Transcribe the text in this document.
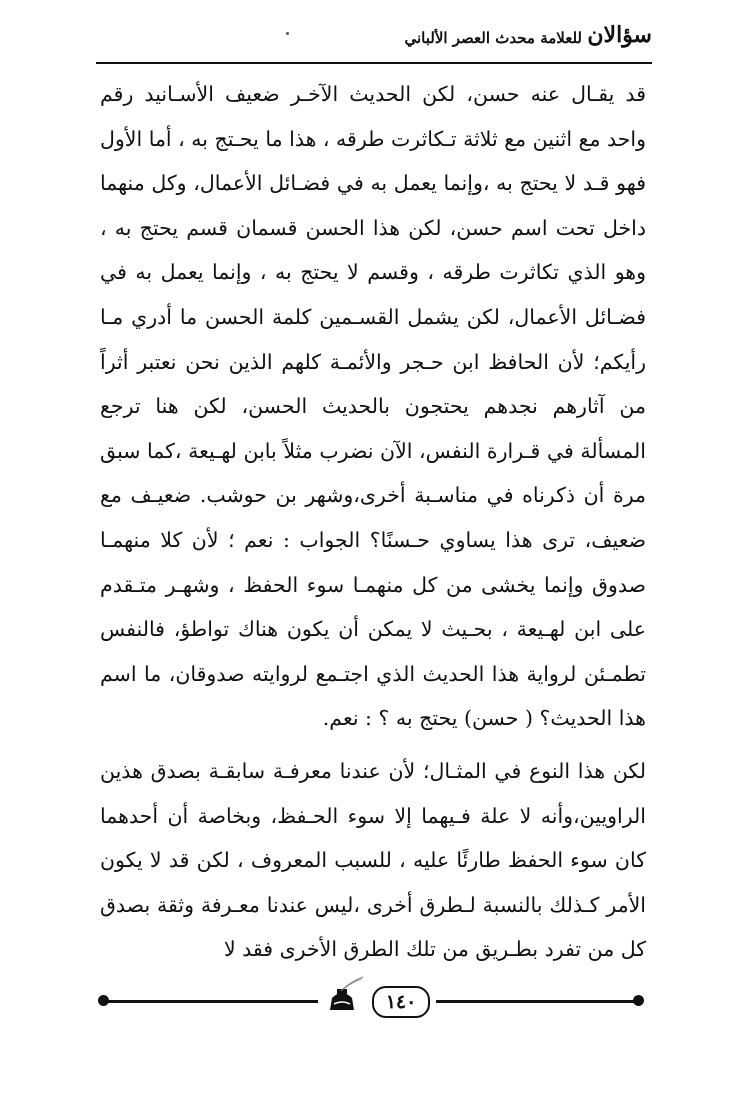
سؤالان
للعلامة محدث العصر الألباني

قد يقـال عنه حسن، لكن الحديث الآخـر ضعيف الأسـانيد رقم واحد مع اثنين مع ثلاثة تـكاثرت طرقه ، هذا ما يحـتج به ، أما الأول فهو قـد لا يحتج به ،وإنما يعمل به في فضـائل الأعمال، وكل منهما داخل تحت اسم حسن، لكن هذا الحسن قسمان قسم يحتج به ، وهو الذي تكاثرت طرقه ، وقسم لا يحتج به ، وإنما يعمل به في فضـائل الأعمال، لكن يشمل القسـمين كلمة الحسن ما أدري مـا رأيكم؛ لأن الحافظ ابن حـجر والأئمـة كلهم الذين نحن نعتبر أثراً من آثارهم نجدهم يحتجون بالحديث الحسن، لكن هنا ترجع المسألة في قـرارة النفس، الآن نضرب مثلاً بابن لهـيعة ،كما سبق مرة أن ذكرناه في مناسـبة أخرى،وشهر بن حوشب. ضعيـف مع ضعيف، ترى هذا يساوي حـسنًا؟ الجواب : نعم ؛ لأن كلا منهمـا صدوق وإنما يخشى من كل منهمـا سوء الحفظ ، وشهـر متـقدم على ابن لهـيعة ، بحـيث لا يمكن أن يكون هناك تواطؤ، فالنفس تطمـئن لرواية هذا الحديث الذي اجتـمع لروايته صدوقان، ما اسم هذا الحديث؟ ( حسن) يحتج به ؟ : نعم.

لكن هذا النوع في المثـال؛ لأن عندنا معرفـة سابقـة بصدق هذين الراويين،وأنه لا علة فـيهما إلا سوء الحـفظ، وبخاصة أن أحدهما كان سوء الحفظ طارئًا عليه ، للسبب المعروف ، لكن قد لا يكون الأمر كـذلك بالنسبة لـطرق أخرى ،ليس عندنا معـرفة وثقة بصدق كل من تفرد بطـريق من تلك الطرق الأخرى فقد لا

١٤٠
